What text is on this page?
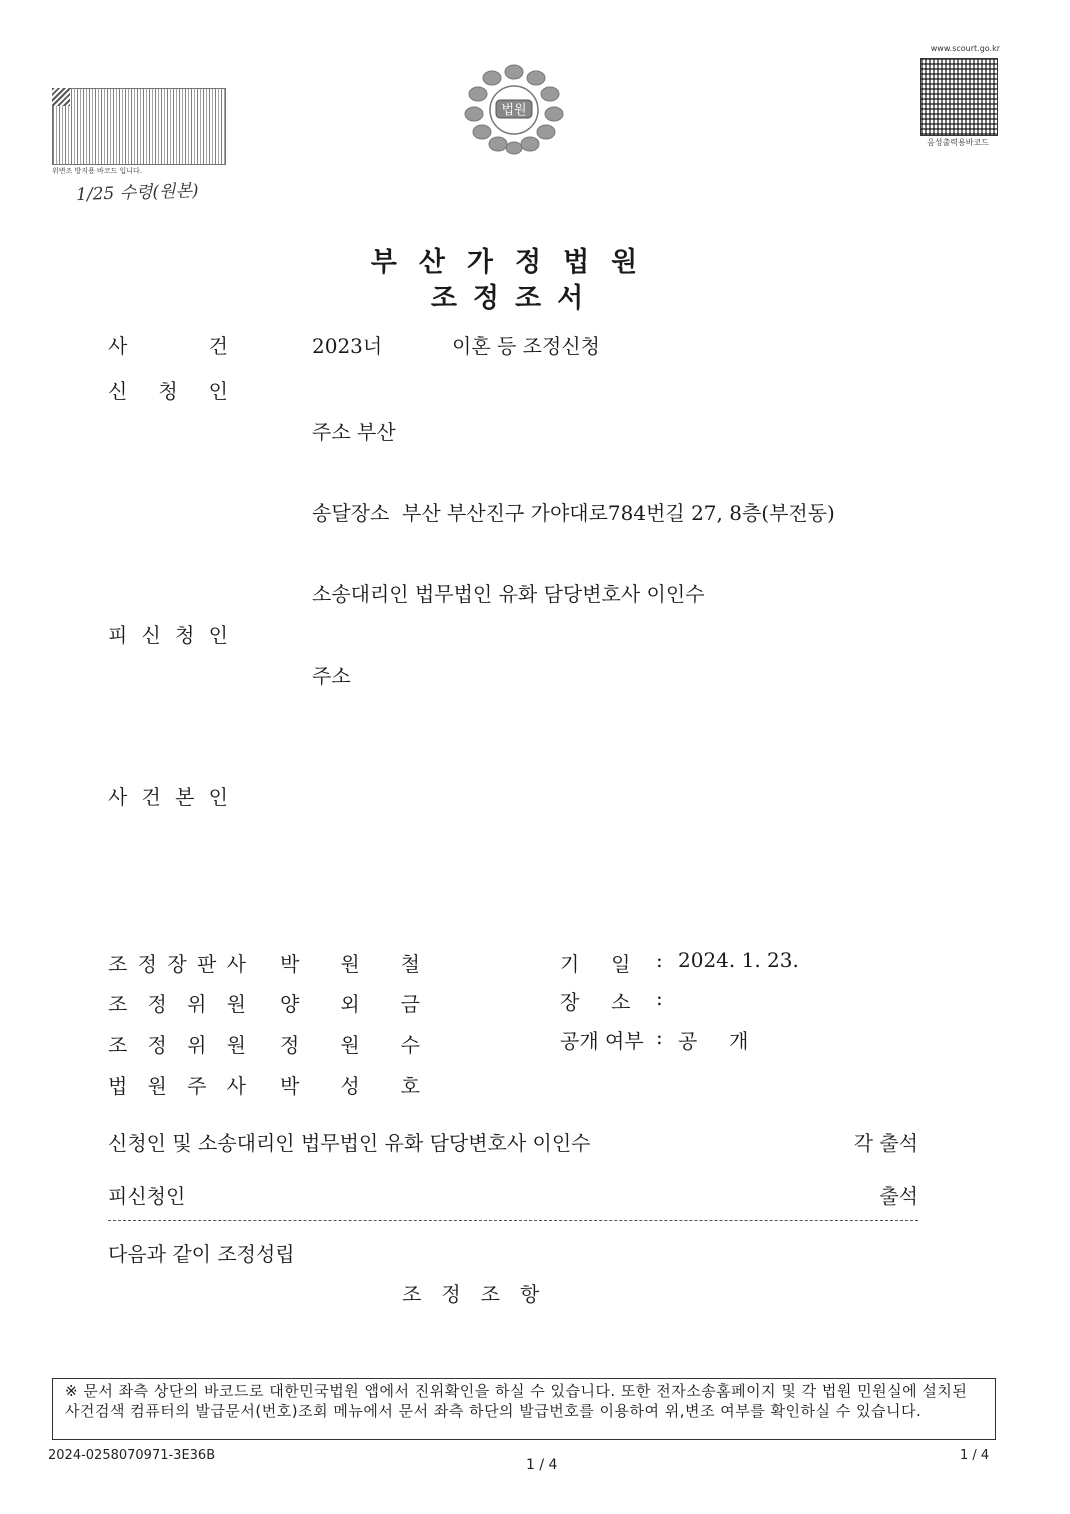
위변조 방지용 바코드 입니다.
1/25 수령(원본)
법원
www.scourt.go.kr
음성출력용바코드
부산가정법원
조정조서
사	건	2023너	이혼 등 조정신청
신 청 인
주소 부산
송달장소  부산 부산진구 가야대로784번길 27, 8층(부전동)
소송대리인 법무법인 유화 담당변호사 이인수
피 신 청 인
주소
사 건 본 인
조 정 장 판 사 박 원 철
조 정 위 원 양 외 금
조 정 위 원 정 원 수
법 원 주 사 박 성 호
기     일 : 2024. 1. 23.
장     소 :
공개 여부 : 공     개
신청인 및 소송대리인 법무법인 유화 담당변호사 이인수	각 출석
피신청인	출석
다음과 같이 조정성립
조정조항
※ 문서 좌측 상단의 바코드로 대한민국법원 앱에서 진위확인을 하실 수 있습니다. 또한 전자소송홈페이지 및 각 법원 민원실에 설치된 사건검색 컴퓨터의 발급문서(번호)조회 메뉴에서 문서 좌측 하단의 발급번호를 이용하여 위,변조 여부를 확인하실 수 있습니다.
2024-0258070971-3E36B
1 / 4
1 / 4
